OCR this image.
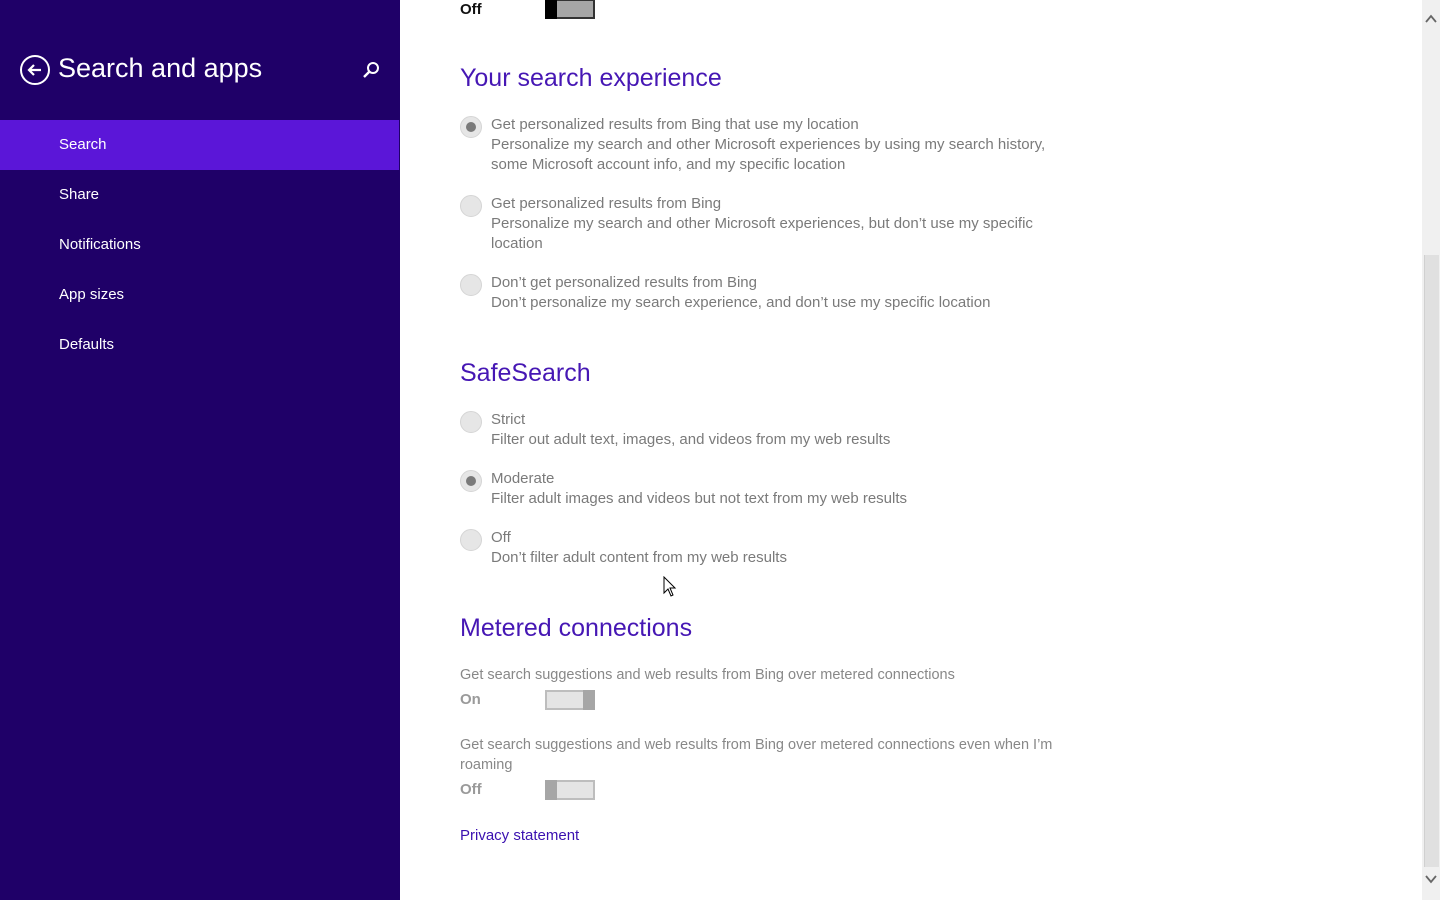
Search and apps
Search
Share
Notifications
App sizes
Defaults
Off
Your search experience
Get personalized results from Bing that use my location
Personalize my search and other Microsoft experiences by using my search history, some Microsoft account info, and my specific location
Get personalized results from Bing
Personalize my search and other Microsoft experiences, but don’t use my specific location
Don’t get personalized results from Bing
Don’t personalize my search experience, and don’t use my specific location
SafeSearch
Strict
Filter out adult text, images, and videos from my web results
Moderate
Filter adult images and videos but not text from my web results
Off
Don’t filter adult content from my web results
Metered connections
Get search suggestions and web results from Bing over metered connections
On
Get search suggestions and web results from Bing over metered connections even when I’m roaming
Off
Privacy statement
